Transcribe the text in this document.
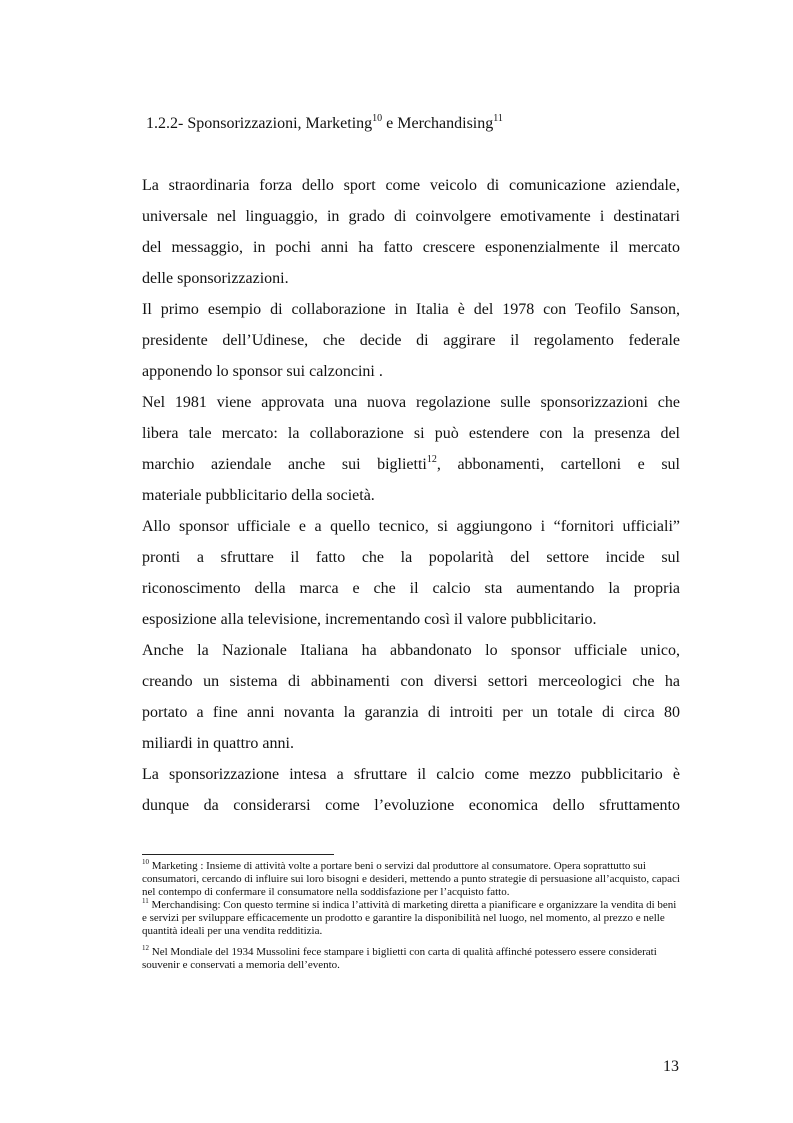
1.2.2- Sponsorizzazioni, Marketing$^{10}$ e Merchandising$^{11}$
La straordinaria forza dello sport come veicolo di comunicazione aziendale,
universale nel linguaggio, in grado di coinvolgere emotivamente i destinatari
del messaggio, in pochi anni ha fatto crescere esponenzialmente il mercato
delle sponsorizzazioni.
Il primo esempio di collaborazione in Italia è del 1978 con Teofilo Sanson,
presidente dell’Udinese, che decide di aggirare il regolamento federale
apponendo lo sponsor sui calzoncini .
Nel 1981 viene approvata una nuova regolazione sulle sponsorizzazioni che
libera tale mercato: la collaborazione si può estendere con la presenza del
marchio aziendale anche sui biglietti$^{12}$, abbonamenti, cartelloni e sul
materiale pubblicitario della società.
Allo sponsor ufficiale e a quello tecnico, si aggiungono i “fornitori ufficiali”
pronti a sfruttare il fatto che la popolarità del settore incide sul
riconoscimento della marca e che il calcio sta aumentando la propria
esposizione alla televisione, incrementando così il valore pubblicitario.
Anche la Nazionale Italiana ha abbandonato lo sponsor ufficiale unico,
creando un sistema di abbinamenti con diversi settori merceologici che ha
portato a fine anni novanta la garanzia di introiti per un totale di circa 80
miliardi in quattro anni.
La sponsorizzazione intesa a sfruttare il calcio come mezzo pubblicitario è
dunque da considerarsi come l’evoluzione economica dello sfruttamento

$^{10}$ Marketing : Insieme di attività volte a portare beni o servizi dal produttore al consumatore. Opera soprattutto sui consumatori, cercando di influire sui loro bisogni e desideri, mettendo a punto strategie di persuasione all’acquisto, capaci nel contempo di confermare il consumatore nella soddisfazione per l’acquisto fatto.

$^{11}$ Merchandising: Con questo termine si indica l’attività di marketing diretta a pianificare e organizzare la vendita di beni e servizi per sviluppare efficacemente un prodotto e garantire la disponibilità nel luogo, nel momento, al prezzo e nelle quantità ideali per una vendita redditizia.

$^{12}$ Nel Mondiale del 1934 Mussolini fece stampare i biglietti con carta di qualità affinché potessero essere considerati souvenir e conservati a memoria dell’evento.

13
